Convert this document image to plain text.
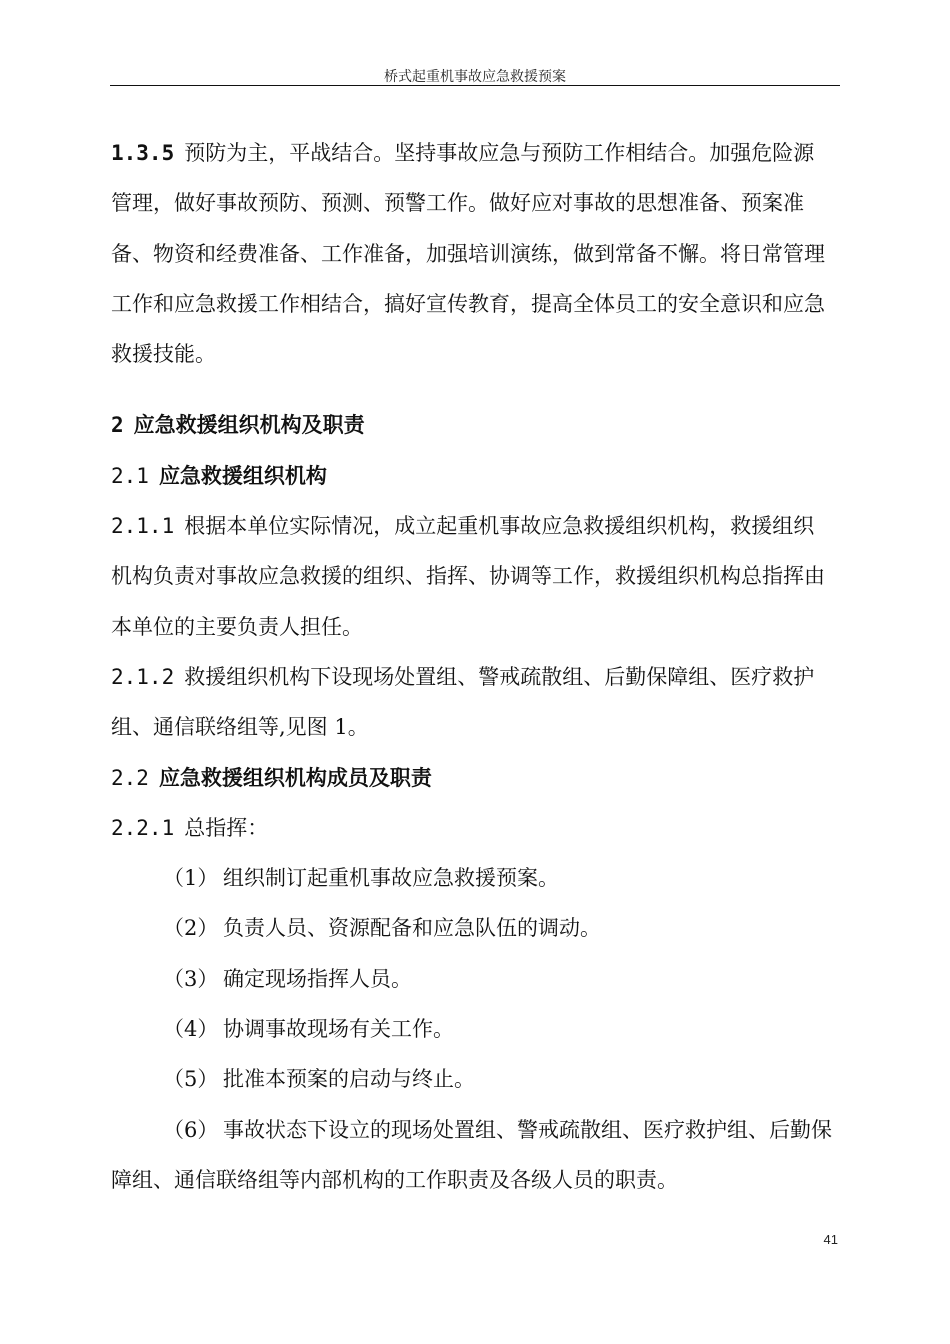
桥式起重机事故应急救援预案

1.3.5 预防为主，平战结合。坚持事故应急与预防工作相结合。加强危险源管理，做好事故预防、预测、预警工作。做好应对事故的思想准备、预案准备、物资和经费准备、工作准备，加强培训演练，做到常备不懈。将日常管理工作和应急救援工作相结合，搞好宣传教育，提高全体员工的安全意识和应急救援技能。

2 应急救援组织机构及职责

2.1 应急救援组织机构

2.1.1 根据本单位实际情况，成立起重机事故应急救援组织机构，救援组织机构负责对事故应急救援的组织、指挥、协调等工作，救援组织机构总指挥由本单位的主要负责人担任。

2.1.2 救援组织机构下设现场处置组、警戒疏散组、后勤保障组、医疗救护组、通信联络组等,见图 1。

2.2 应急救援组织机构成员及职责

2.2.1 总指挥：

（1） 组织制订起重机事故应急救援预案。

（2） 负责人员、资源配备和应急队伍的调动。

（3） 确定现场指挥人员。

（4） 协调事故现场有关工作。

（5） 批准本预案的启动与终止。

（6） 事故状态下设立的现场处置组、警戒疏散组、医疗救护组、后勤保障组、通信联络组等内部机构的工作职责及各级人员的职责。

41
